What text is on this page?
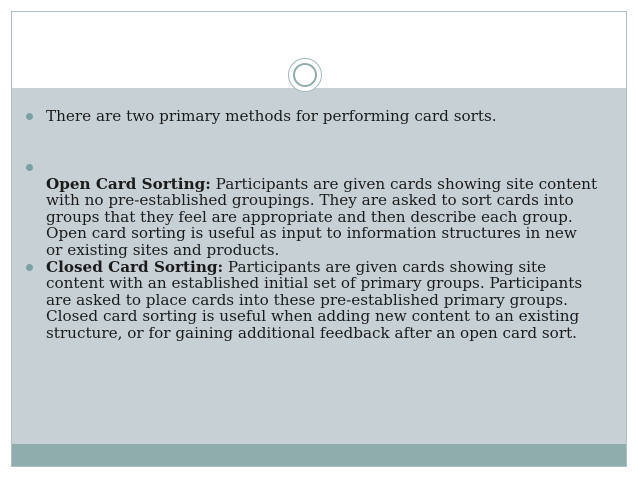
There are two primary methods for performing card sorts.
Open Card Sorting: Participants are given cards showing site content with no pre-established groupings. They are asked to sort cards into groups that they feel are appropriate and then describe each group. Open card sorting is useful as input to information structures in new or existing sites and products.
Closed Card Sorting: Participants are given cards showing site content with an established initial set of primary groups. Participants are asked to place cards into these pre-established primary groups. Closed card sorting is useful when adding new content to an existing structure, or for gaining additional feedback after an open card sort.
